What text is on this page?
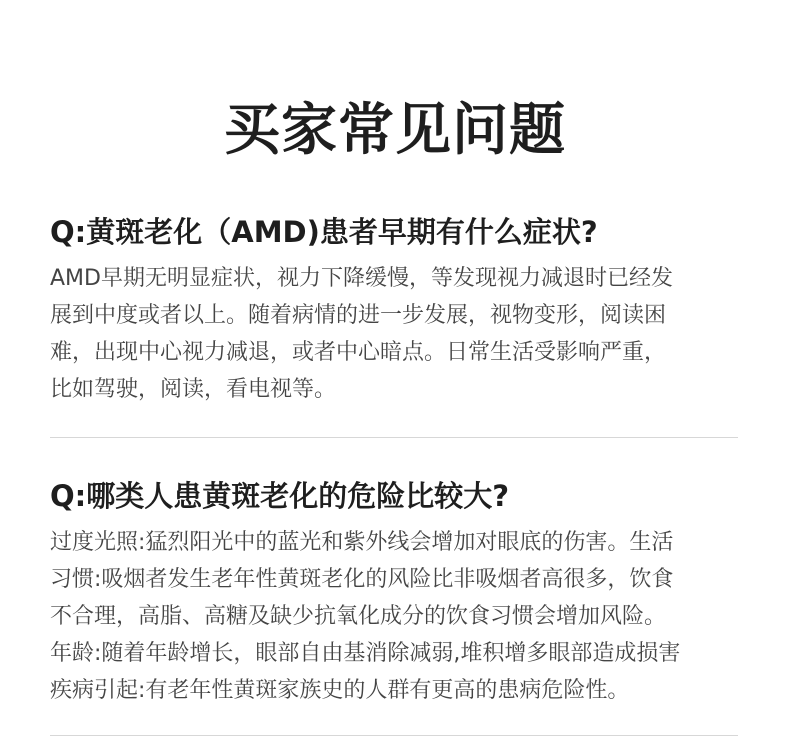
买家常见问题
Q:黄斑老化（AMD)患者早期有什么症状?
AMD早期无明显症状，视力下降缓慢，等发现视力减退时已经发
展到中度或者以上。随着病情的进一步发展，视物变形，阅读困
难，出现中心视力减退，或者中心暗点。日常生活受影响严重，
比如驾驶，阅读，看电视等。
Q:哪类人患黄斑老化的危险比较大?
过度光照:猛烈阳光中的蓝光和紫外线会增加对眼底的伤害。生活
习惯:吸烟者发生老年性黄斑老化的风险比非吸烟者高很多，饮食
不合理，高脂、高糖及缺少抗氧化成分的饮食习惯会增加风险。
年龄:随着年龄增长，眼部自由基消除减弱,堆积增多眼部造成损害
疾病引起:有老年性黄斑家族史的人群有更高的患病危险性。
